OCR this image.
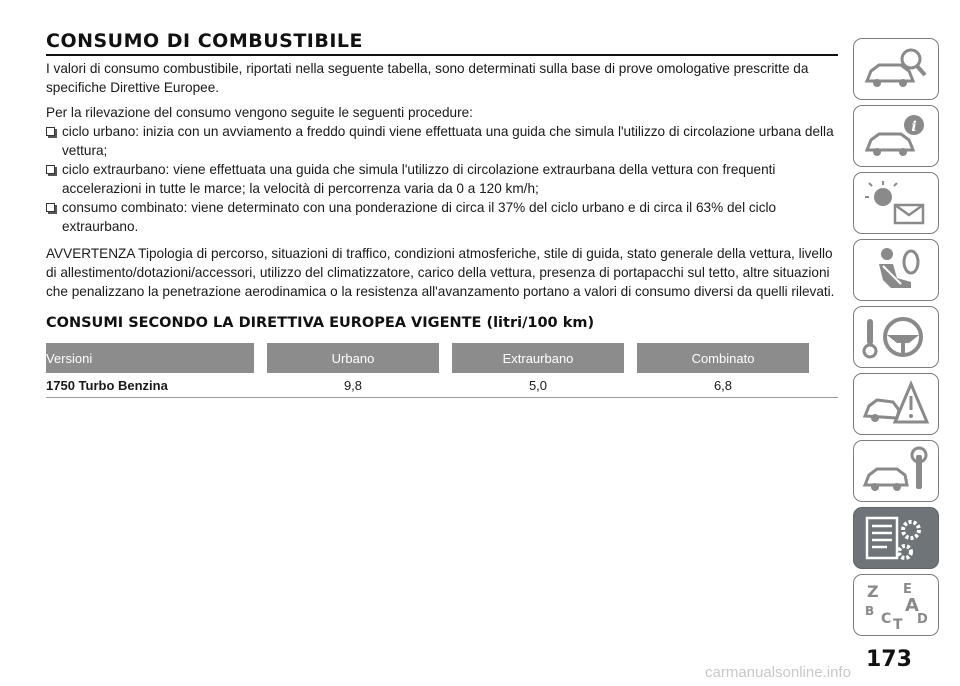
CONSUMO DI COMBUSTIBILE

I valori di consumo combustibile, riportati nella seguente tabella, sono determinati sulla base di prove omologative prescritte da specifiche Direttive Europee.

Per la rilevazione del consumo vengono seguite le seguenti procedure:

ciclo urbano: inizia con un avviamento a freddo quindi viene effettuata una guida che simula l'utilizzo di circolazione urbana della vettura;

ciclo extraurbano: viene effettuata una guida che simula l'utilizzo di circolazione extraurbana della vettura con frequenti accelerazioni in tutte le marce; la velocità di percorrenza varia da 0 a 120 km/h;

consumo combinato: viene determinato con una ponderazione di circa il 37% del ciclo urbano e di circa il 63% del ciclo extraurbano.

AVVERTENZA Tipologia di percorso, situazioni di traffico, condizioni atmosferiche, stile di guida, stato generale della vettura, livello di allestimento/dotazioni/accessori, utilizzo del climatizzatore, carico della vettura, presenza di portapacchi sul tetto, altre situazioni che penalizzano la penetrazione aerodinamica o la resistenza all'avanzamento portano a valori di consumo diversi da quelli rilevati.

CONSUMI SECONDO LA DIRETTIVA EUROPEA VIGENTE (litri/100 km)
Versioni	Urbano	Extraurbano	Combinato
1750 Turbo Benzina	9,8	5,0	6,8
i
Z E
B A
C D
T
173
carmanualsonline.info
